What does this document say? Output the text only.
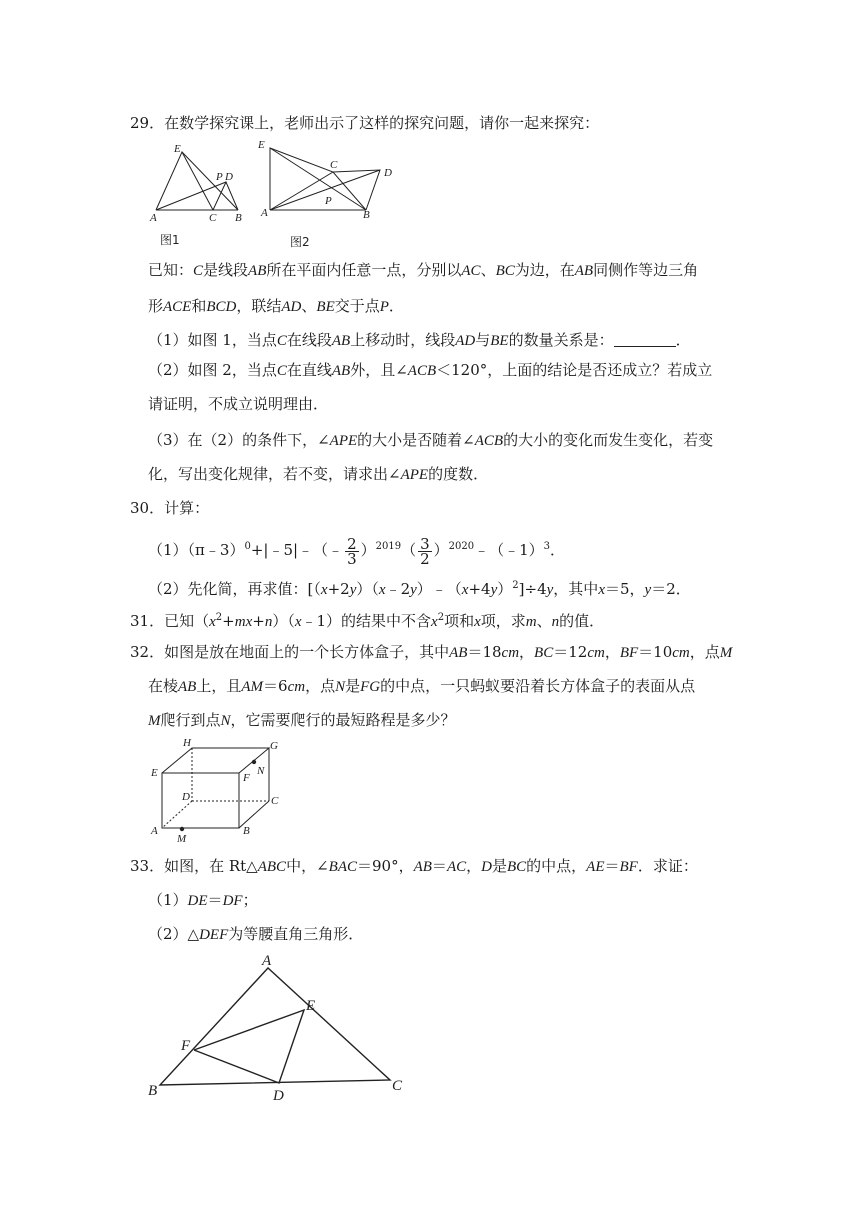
29．在数学探究课上，老师出示了这样的探究问题，请你一起来探究：
E
P D
A	C B
图1
E
C
D
P
A	B
图2
已知：C是线段AB所在平面内任意一点，分别以AC、BC为边，在AB同侧作等边三角
形ACE和BCD，联结AD、BE交于点P．
（1）如图 1，当点C在线段AB上移动时，线段AD与BE的数量关系是：	．
（2）如图 2，当点C在直线AB外，且∠ACB＜120°，上面的结论是否还成立？若成立
请证明，不成立说明理由．
（3）在（2）的条件下，∠APE的大小是否随着∠ACB的大小的变化而发生变化，若变
化，写出变化规律，若不变，请求出∠APE的度数．
30．计算：
（1）（π﹣3）$^0$+|﹣5|﹣（﹣ $\frac{2}{3} )^{2019}( \frac{3}{2}$ ）$^{2020}﹣(﹣1)^3$．
（2）先化简，再求值：$[(x+2y)(x﹣2y)﹣(x+4y)^2]\div 4y$，其中x＝5，y＝2．
31．已知$(x^2+mx+n)(x﹣1)$的结果中不含$x^2$项和x项，求m、n的值．
32．如图是放在地面上的一个长方体盒子，其中AB＝18cm，BC＝12cm，BF＝10cm，点M
在棱AB上，且AM＝6cm，点N是FG的中点，一只蚂蚁要沿着长方体盒子的表面从点
M爬行到点N，它需要爬行的最短路程是多少？
H	G
E	F
N
D	C
A	B
M
33．如图，在 Rt△ABC中，∠BAC＝90°，AB＝AC，D是BC的中点，AE＝BF．求证：
（1）DE＝DF；
（2）△DEF为等腰直角三角形．
A
E
F
B	D
C
